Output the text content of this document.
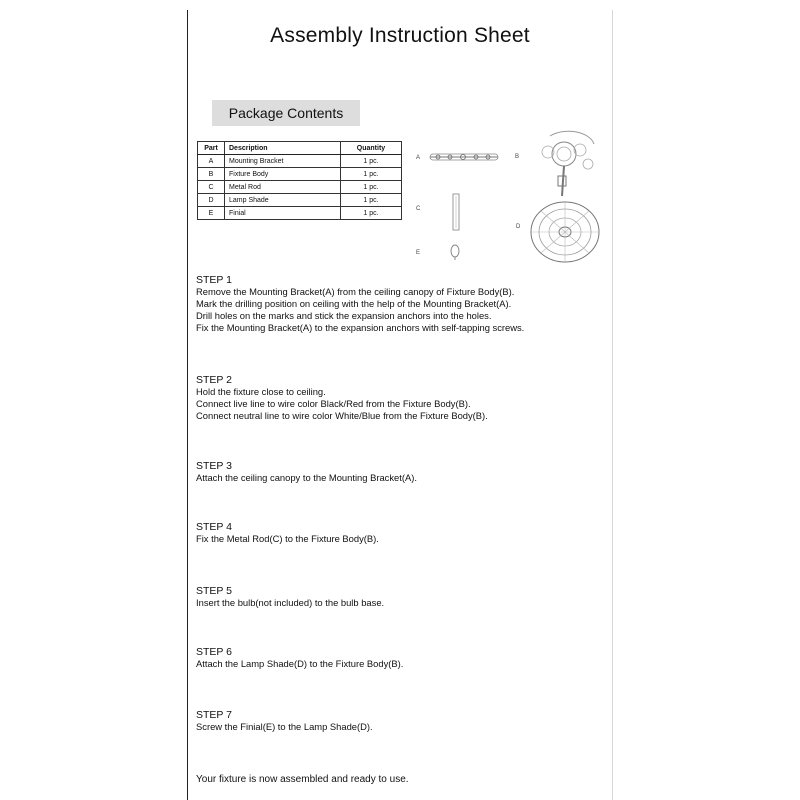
Assembly Instruction Sheet
Package Contents
Part	Description	Quantity
A	Mounting Bracket	1 pc.
B	Fixture Body	1 pc.
C	Metal Rod	1 pc.
D	Lamp Shade	1 pc.
E	Finial	1 pc.
A	B
C
D
E
STEP 1
Remove the Mounting Bracket(A) from the ceiling canopy of Fixture Body(B).
Mark the drilling position on ceiling with the help of the Mounting Bracket(A).
Drill holes on the marks and stick the expansion anchors into the holes.
Fix the Mounting Bracket(A) to the expansion anchors with self-tapping screws.
STEP 2
Hold the fixture close to ceiling.
Connect live line to wire color Black/Red from the Fixture Body(B).
Connect neutral line to wire color White/Blue from the Fixture Body(B).
STEP 3
Attach the ceiling canopy to the Mounting Bracket(A).
STEP 4
Fix the Metal Rod(C) to the Fixture Body(B).
STEP 5
Insert the bulb(not included) to the bulb base.
STEP 6
Attach the Lamp Shade(D) to the Fixture Body(B).
STEP 7
Screw the Finial(E) to the Lamp Shade(D).
Your fixture is now assembled and ready to use.
